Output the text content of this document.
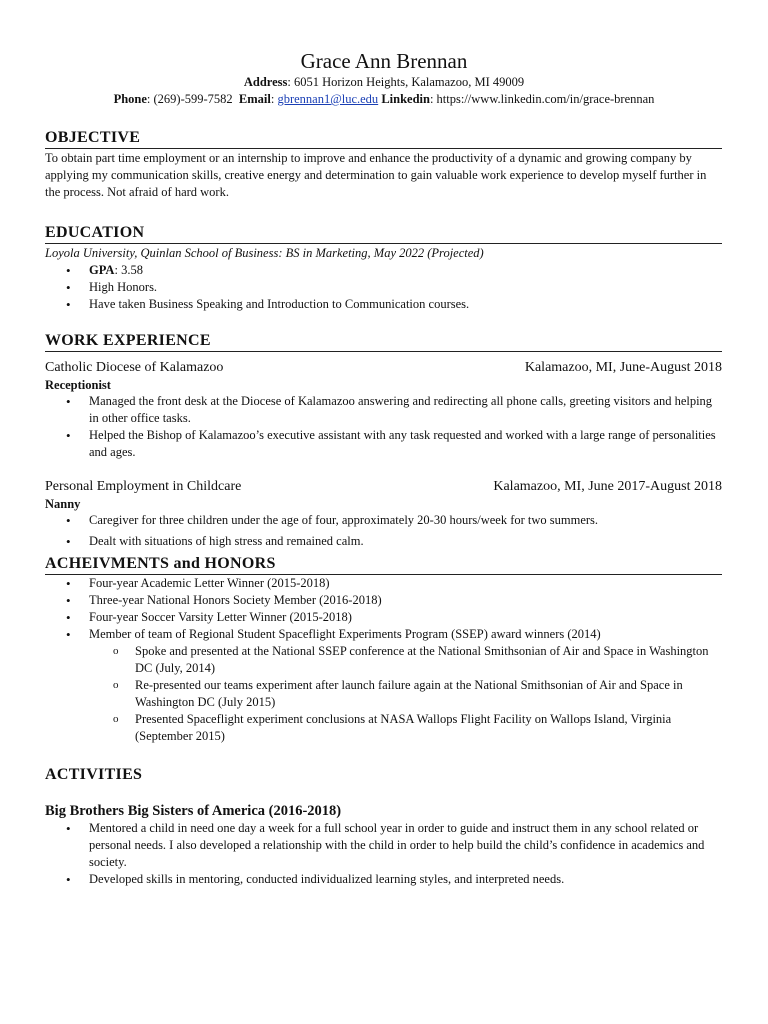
Grace Ann Brennan
Address: 6051 Horizon Heights, Kalamazoo, MI 49009
Phone: (269)-599-7582 Email: gbrennan1@luc.edu Linkedin: https://www.linkedin.com/in/grace-brennan
OBJECTIVE
To obtain part time employment or an internship to improve and enhance the productivity of a dynamic and growing company by applying my communication skills, creative energy and determination to gain valuable work experience to develop myself further in the process. Not afraid of hard work.
EDUCATION
Loyola University, Quinlan School of Business: BS in Marketing, May 2022 (Projected)
• GPA: 3.58
• High Honors.
• Have taken Business Speaking and Introduction to Communication courses.
WORK EXPERIENCE
Catholic Diocese of Kalamazoo	Kalamazoo, MI, June-August 2018
Receptionist
• Managed the front desk at the Diocese of Kalamazoo answering and redirecting all phone calls, greeting visitors and helping in other office tasks.
• Helped the Bishop of Kalamazoo’s executive assistant with any task requested and worked with a large range of personalities and ages.
Personal Employment in Childcare	Kalamazoo, MI, June 2017-August 2018
Nanny
• Caregiver for three children under the age of four, approximately 20-30 hours/week for two summers.
• Dealt with situations of high stress and remained calm.
ACHEIVMENTS and HONORS
• Four-year Academic Letter Winner (2015-2018)
• Three-year National Honors Society Member (2016-2018)
• Four-year Soccer Varsity Letter Winner (2015-2018)
• Member of team of Regional Student Spaceflight Experiments Program (SSEP) award winners (2014)
o Spoke and presented at the National SSEP conference at the National Smithsonian of Air and Space in Washington DC (July, 2014)
o Re-presented our teams experiment after launch failure again at the National Smithsonian of Air and Space in Washington DC (July 2015)
o Presented Spaceflight experiment conclusions at NASA Wallops Flight Facility on Wallops Island, Virginia (September 2015)
ACTIVITIES
Big Brothers Big Sisters of America (2016-2018)
• Mentored a child in need one day a week for a full school year in order to guide and instruct them in any school related or personal needs. I also developed a relationship with the child in order to help build the child’s confidence in academics and society.
• Developed skills in mentoring, conducted individualized learning styles, and interpreted needs.
